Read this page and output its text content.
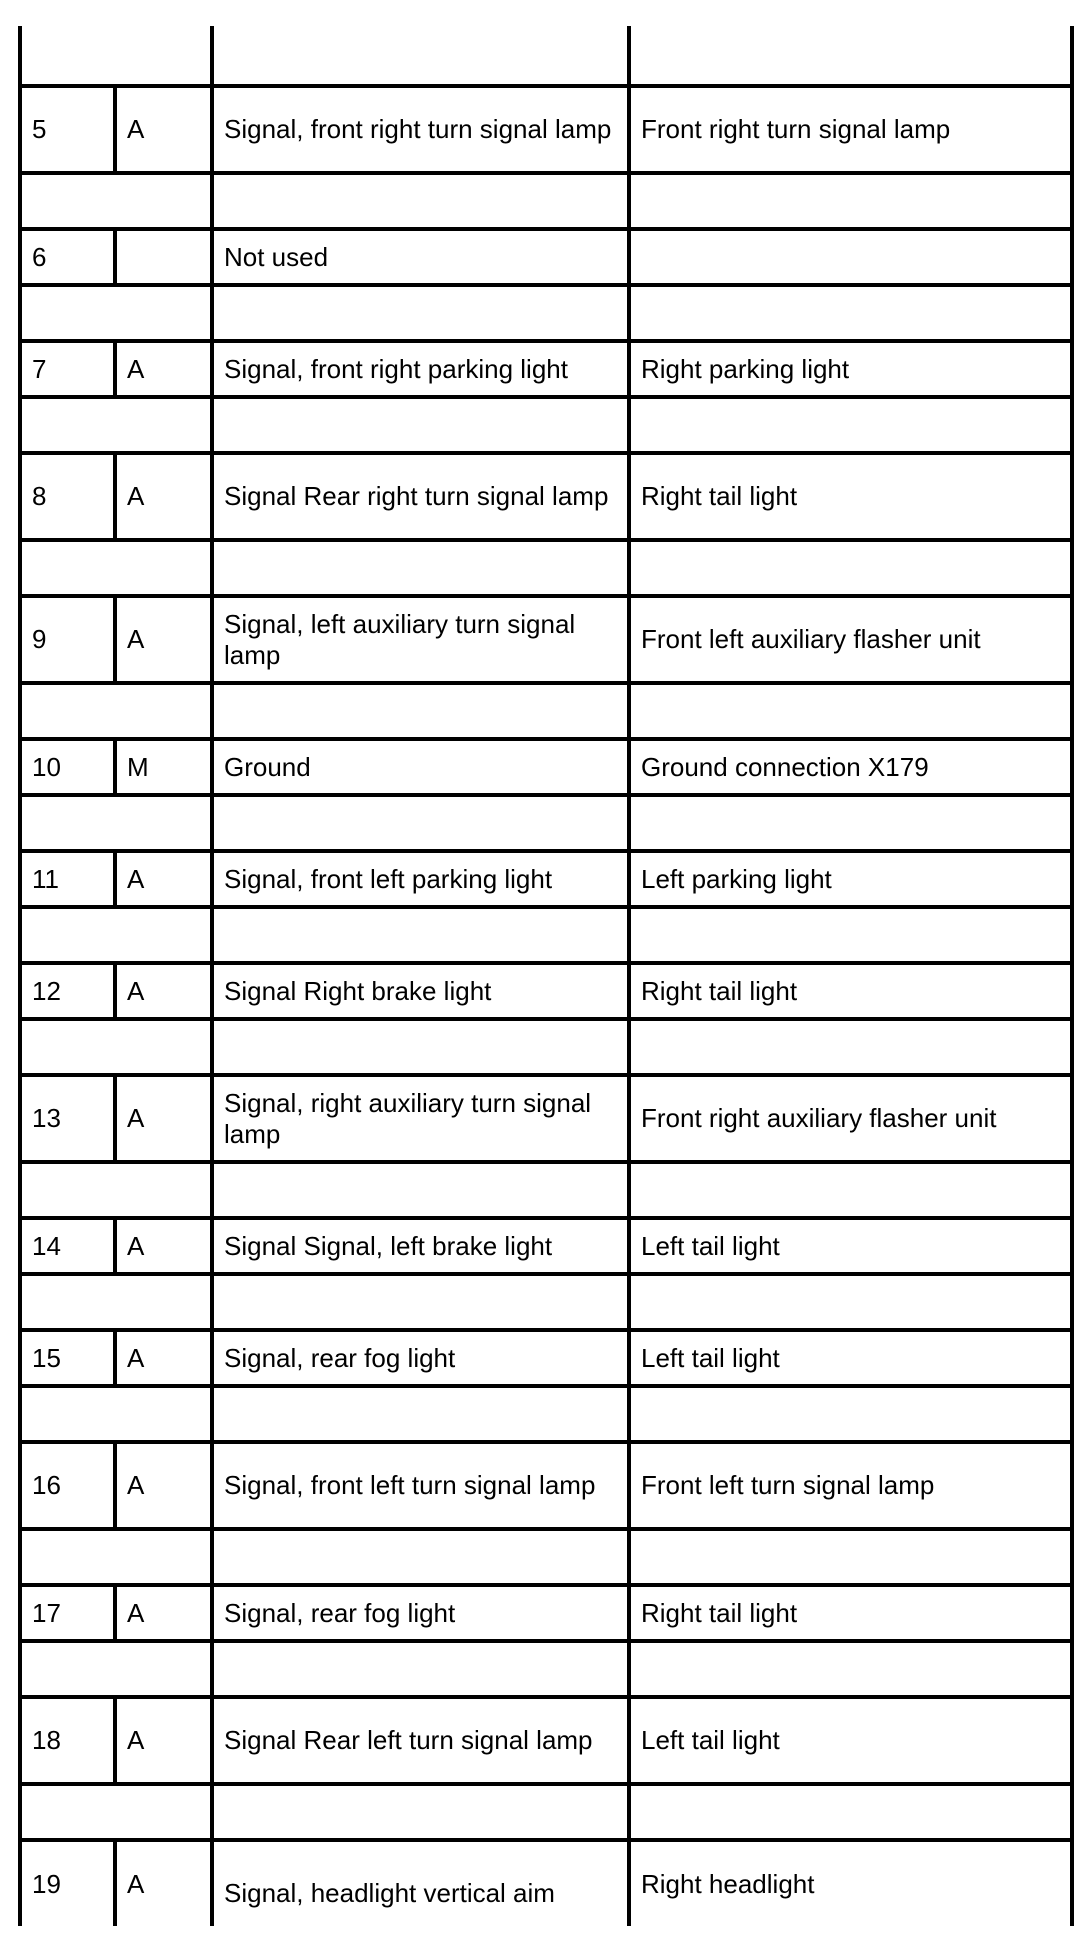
5	A	Signal, front right turn signal lamp	Front right turn signal lamp

6		Not used	

7	A	Signal, front right parking light	Right parking light

8	A	Signal Rear right turn signal lamp	Right tail light

9	A	Signal, left auxiliary turn signal lamp	Front left auxiliary flasher unit

10	M	Ground	Ground connection X179

11	A	Signal, front left parking light	Left parking light

12	A	Signal Right brake light	Right tail light

13	A	Signal, right auxiliary turn signal lamp	Front right auxiliary flasher unit

14	A	Signal Signal, left brake light	Left tail light

15	A	Signal, rear fog light	Left tail light

16	A	Signal, front left turn signal lamp	Front left turn signal lamp

17	A	Signal, rear fog light	Right tail light

18	A	Signal Rear left turn signal lamp	Left tail light

19	A	Signal, headlight vertical aim	Right headlight
